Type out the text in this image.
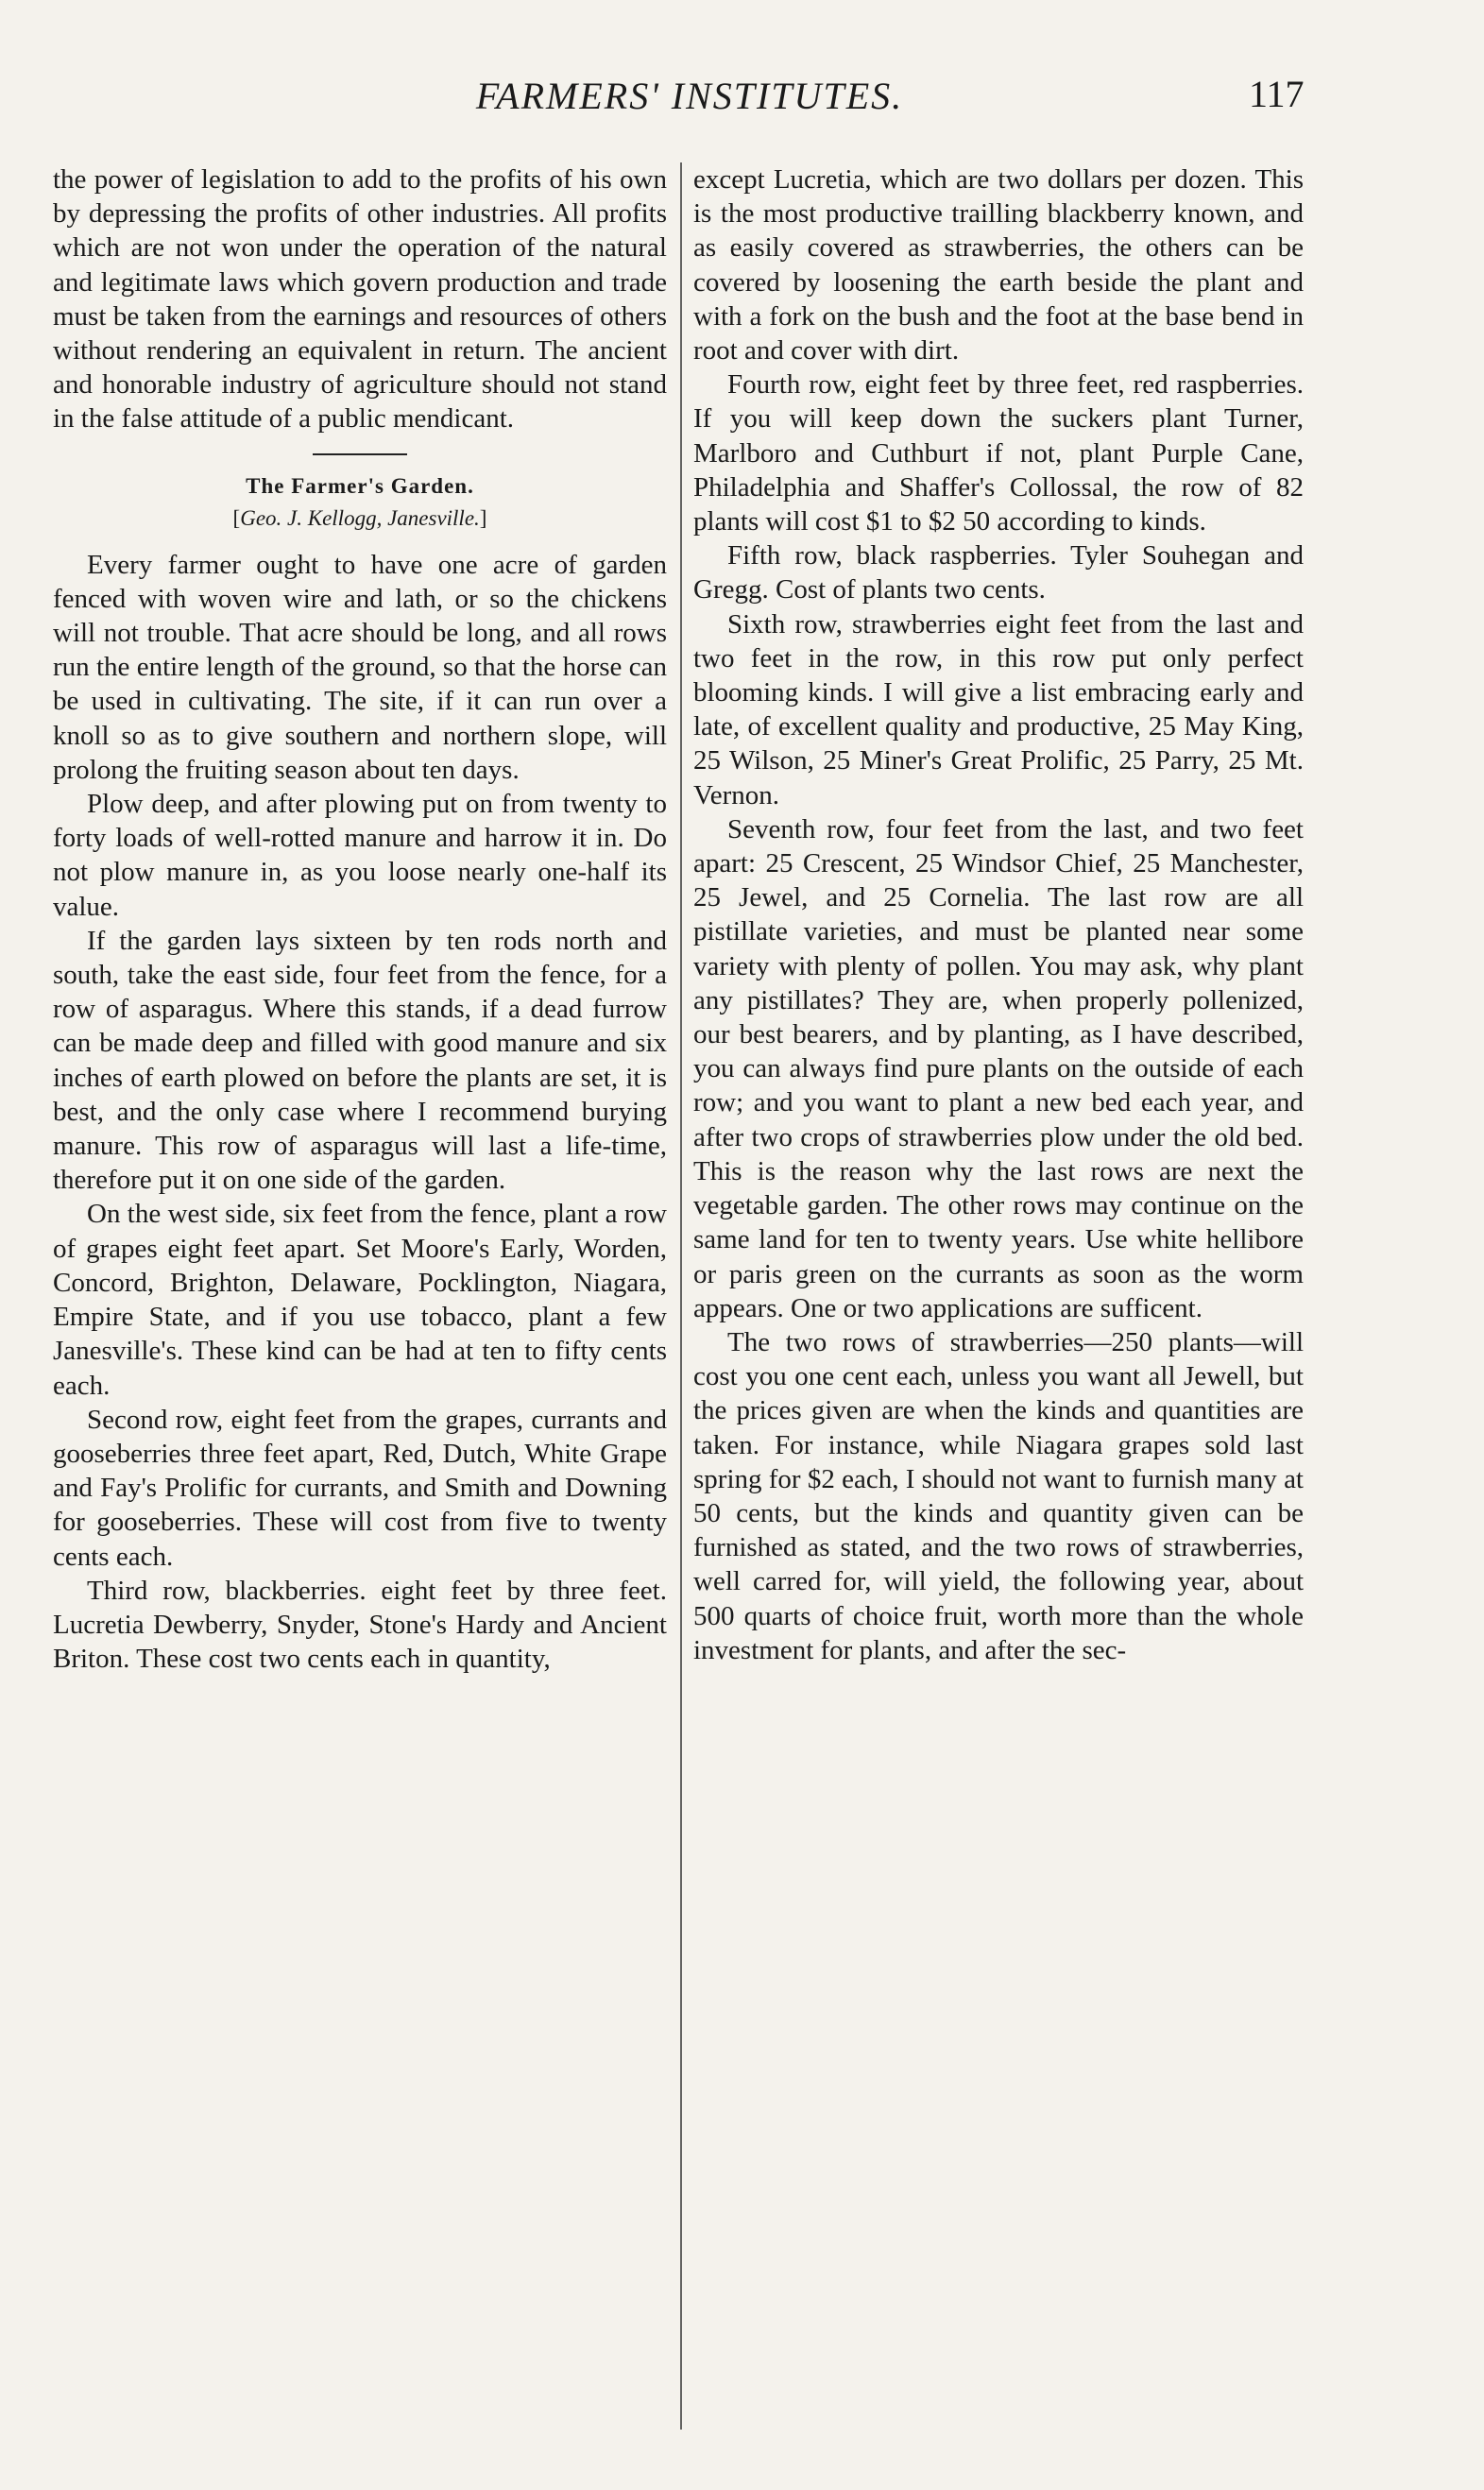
FARMERS' INSTITUTES.	117

the power of legislation to add to the profits of his own by depressing the profits of other industries. All profits which are not won under the operation of the natural and legitimate laws which govern production and trade must be taken from the earnings and resources of others without rendering an equivalent in return. The ancient and honorable industry of agriculture should not stand in the false attitude of a public mendicant.

The Farmer's Garden.
[Geo. J. Kellogg, Janesville.]

Every farmer ought to have one acre of garden fenced with woven wire and lath, or so the chickens will not trouble. That acre should be long, and all rows run the entire length of the ground, so that the horse can be used in cultivating. The site, if it can run over a knoll so as to give southern and northern slope, will prolong the fruiting season about ten days.

Plow deep, and after plowing put on from twenty to forty loads of well-rotted manure and harrow it in. Do not plow manure in, as you loose nearly one-half its value.

If the garden lays sixteen by ten rods north and south, take the east side, four feet from the fence, for a row of asparagus. Where this stands, if a dead furrow can be made deep and filled with good manure and six inches of earth plowed on before the plants are set, it is best, and the only case where I recommend burying manure. This row of asparagus will last a life-time, therefore put it on one side of the garden.

On the west side, six feet from the fence, plant a row of grapes eight feet apart. Set Moore's Early, Worden, Concord, Brighton, Delaware, Pocklington, Niagara, Empire State, and if you use tobacco, plant a few Janesville's. These kind can be had at ten to fifty cents each.

Second row, eight feet from the grapes, currants and gooseberries three feet apart, Red, Dutch, White Grape and Fay's Prolific for currants, and Smith and Downing for gooseberries. These will cost from five to twenty cents each.

Third row, blackberries. eight feet by three feet. Lucretia Dewberry, Snyder, Stone's Hardy and Ancient Briton. These cost two cents each in quantity,

except Lucretia, which are two dollars per dozen. This is the most productive trailling blackberry known, and as easily covered as strawberries, the others can be covered by loosening the earth beside the plant and with a fork on the bush and the foot at the base bend in root and cover with dirt.

Fourth row, eight feet by three feet, red raspberries. If you will keep down the suckers plant Turner, Marlboro and Cuthburt if not, plant Purple Cane, Philadelphia and Shaffer's Collossal, the row of 82 plants will cost $1 to $2 50 according to kinds.

Fifth row, black raspberries. Tyler Souhegan and Gregg. Cost of plants two cents.

Sixth row, strawberries eight feet from the last and two feet in the row, in this row put only perfect blooming kinds. I will give a list embracing early and late, of excellent quality and productive, 25 May King, 25 Wilson, 25 Miner's Great Prolific, 25 Parry, 25 Mt. Vernon.

Seventh row, four feet from the last, and two feet apart: 25 Crescent, 25 Windsor Chief, 25 Manchester, 25 Jewel, and 25 Cornelia. The last row are all pistillate varieties, and must be planted near some variety with plenty of pollen. You may ask, why plant any pistillates? They are, when properly pollenized, our best bearers, and by planting, as I have described, you can always find pure plants on the outside of each row; and you want to plant a new bed each year, and after two crops of strawberries plow under the old bed. This is the reason why the last rows are next the vegetable garden. The other rows may continue on the same land for ten to twenty years. Use white hellibore or paris green on the currants as soon as the worm appears. One or two applications are sufficent.

The two rows of strawberries—250 plants—will cost you one cent each, unless you want all Jewell, but the prices given are when the kinds and quantities are taken. For instance, while Niagara grapes sold last spring for $2 each, I should not want to furnish many at 50 cents, but the kinds and quantity given can be furnished as stated, and the two rows of strawberries, well carred for, will yield, the following year, about 500 quarts of choice fruit, worth more than the whole investment for plants, and after the sec-
